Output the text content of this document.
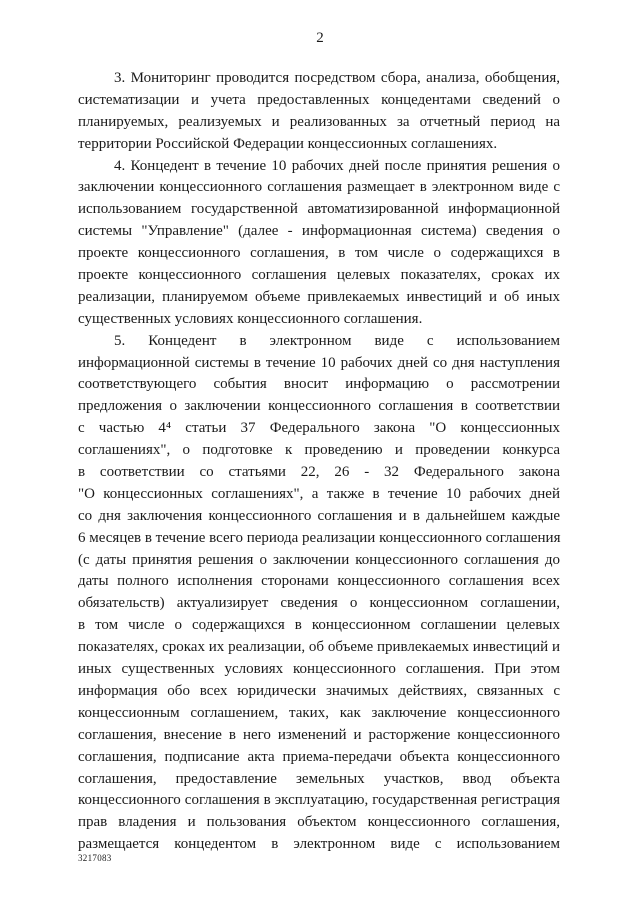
2
3. Мониторинг проводится посредством сбора, анализа, обобщения,
систематизации и учета предоставленных концедентами сведений о
планируемых, реализуемых и реализованных за отчетный период на
территории Российской Федерации концессионных соглашениях.
4. Концедент в течение 10 рабочих дней после принятия решения о
заключении концессионного соглашения размещает в электронном виде с
использованием государственной автоматизированной информационной
системы "Управление" (далее - информационная система) сведения о
проекте концессионного соглашения, в том числе о содержащихся в
проекте концессионного соглашения целевых показателях, сроках их
реализации, планируемом объеме привлекаемых инвестиций и об иных
существенных условиях концессионного соглашения.
5. Концедент в электронном виде с использованием
информационной системы в течение 10 рабочих дней со дня наступления
соответствующего события вносит информацию о рассмотрении
предложения о заключении концессионного соглашения в соответствии
с частью 4⁴ статьи 37 Федерального закона "О концессионных
соглашениях", о подготовке к проведению и проведении конкурса
в соответствии со статьями 22, 26 - 32 Федерального закона
"О концессионных соглашениях", а также в течение 10 рабочих дней
со дня заключения концессионного соглашения и в дальнейшем каждые
6 месяцев в течение всего периода реализации концессионного соглашения
(с даты принятия решения о заключении концессионного соглашения до
даты полного исполнения сторонами концессионного соглашения всех
обязательств) актуализирует сведения о концессионном соглашении,
в том числе о содержащихся в концессионном соглашении целевых
показателях, сроках их реализации, об объеме привлекаемых инвестиций и
иных существенных условиях концессионного соглашения. При этом
информация обо всех юридически значимых действиях, связанных с
концессионным соглашением, таких, как заключение концессионного
соглашения, внесение в него изменений и расторжение концессионного
соглашения, подписание акта приема-передачи объекта концессионного
соглашения, предоставление земельных участков, ввод объекта
концессионного соглашения в эксплуатацию, государственная регистрация
прав владения и пользования объектом концессионного соглашения,
размещается концедентом в электронном виде с использованием
3217083
